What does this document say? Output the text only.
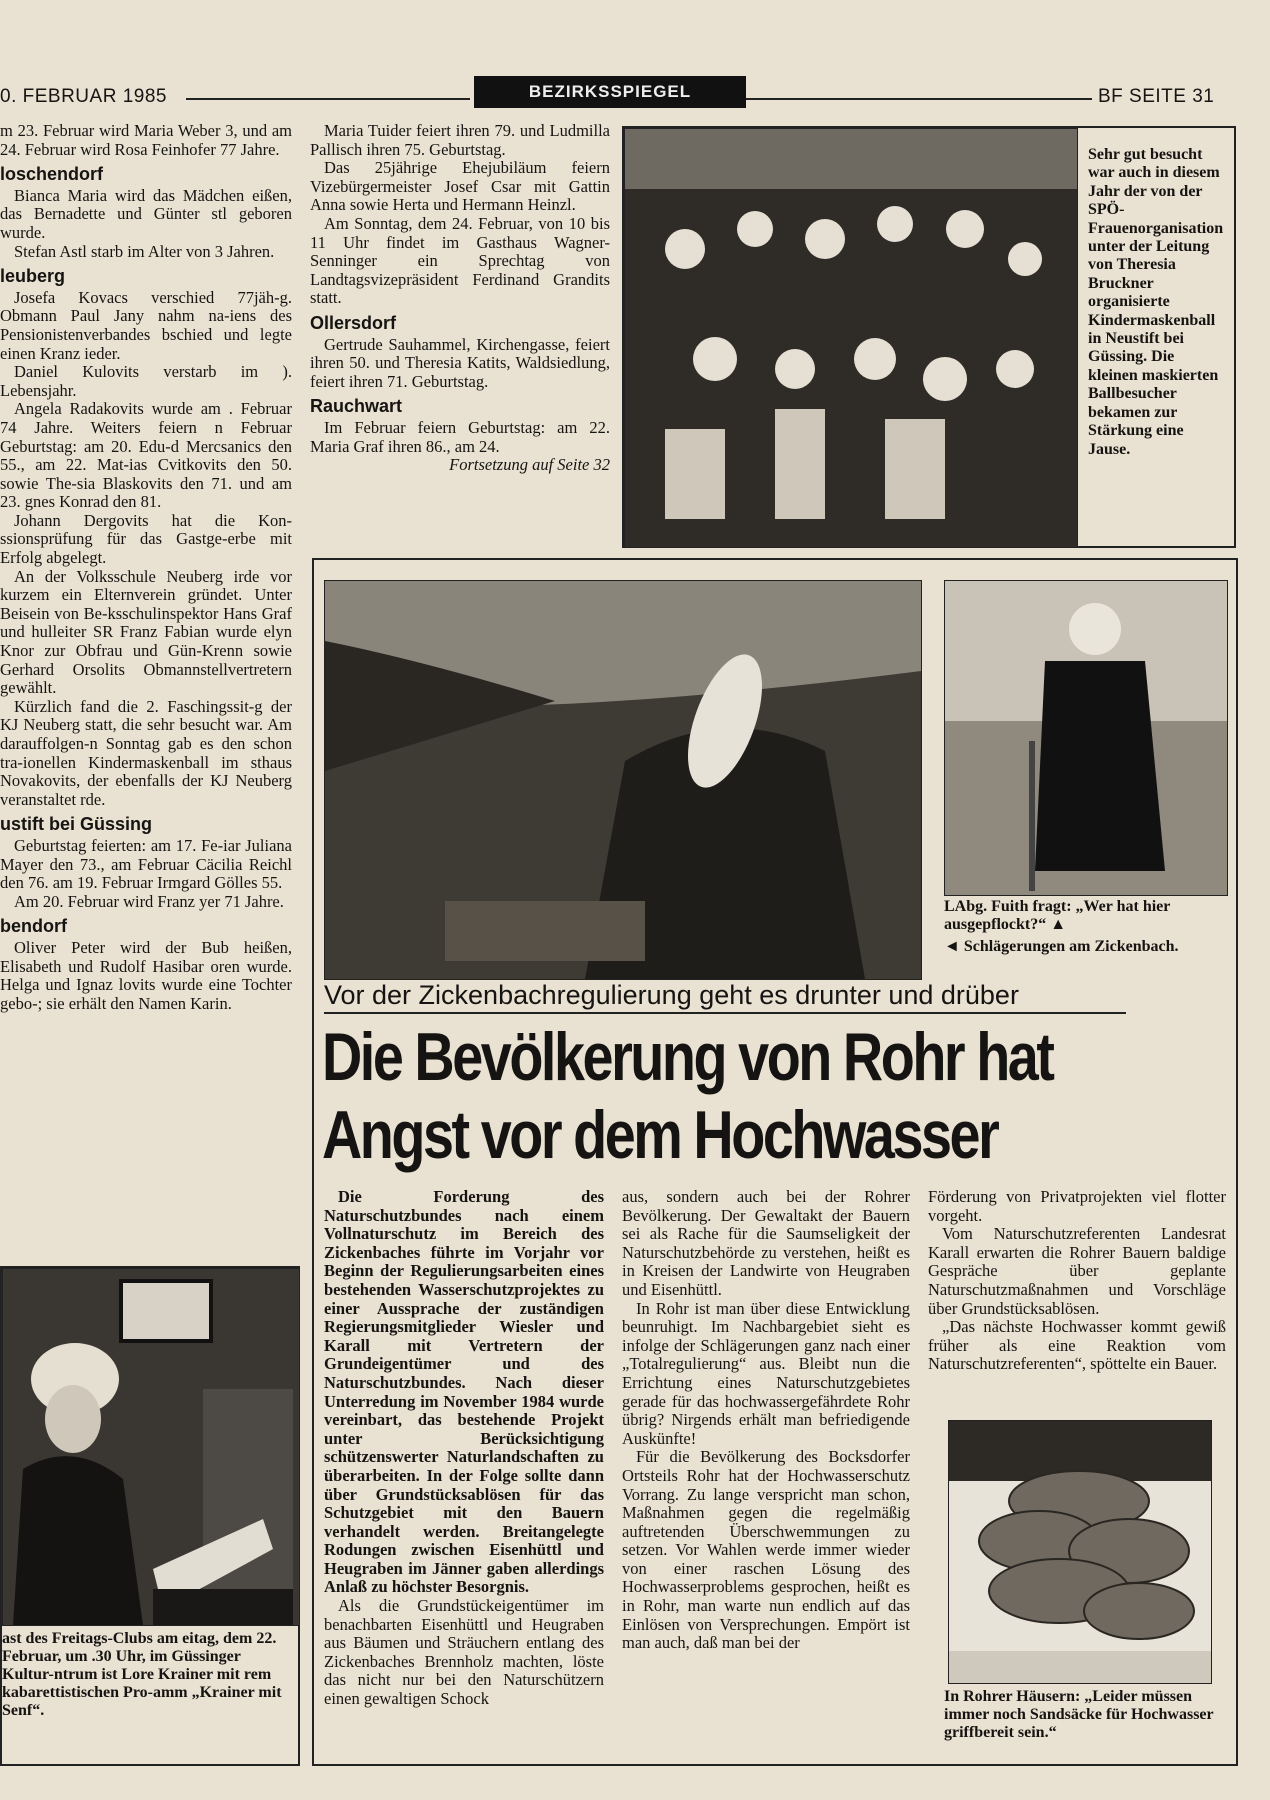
0. FEBRUAR 1985	BEZIRKSSPIEGEL	BF SEITE 31

m 23. Februar wird Maria Weber 3, und am 24. Februar wird Rosa Feinhofer 77 Jahre.

loschendorf

Bianca Maria wird das Mädchen eißen, das Bernadette und Günter stl geboren wurde.

Stefan Astl starb im Alter von 3 Jahren.

leuberg

Josefa Kovacs verschied 77jäh-g. Obmann Paul Jany nahm na-iens des Pensionistenverbandes bschied und legte einen Kranz ieder.

Daniel Kulovits verstarb im ). Lebensjahr.

Angela Radakovits wurde am . Februar 74 Jahre. Weiters feiern n Februar Geburtstag: am 20. Edu-d Mercsanics den 55., am 22. Mat-ias Cvitkovits den 50. sowie The-sia Blaskovits den 71. und am 23. gnes Konrad den 81.

Johann Dergovits hat die Kon-ssionsprüfung für das Gastge-erbe mit Erfolg abgelegt.

An der Volksschule Neuberg irde vor kurzem ein Elternverein gründet. Unter Beisein von Be-ksschulinspektor Hans Graf und hulleiter SR Franz Fabian wurde elyn Knor zur Obfrau und Gün-Krenn sowie Gerhard Orsolits Obmannstellvertretern gewählt.

Kürzlich fand die 2. Faschingssit-g der KJ Neuberg statt, die sehr besucht war. Am darauffolgen-n Sonntag gab es den schon tra-ionellen Kindermaskenball im sthaus Novakovits, der ebenfalls der KJ Neuberg veranstaltet rde.

ustift bei Güssing

Geburtstag feierten: am 17. Fe-iar Juliana Mayer den 73., am Februar Cäcilia Reichl den 76. am 19. Februar Irmgard Gölles 55.

Am 20. Februar wird Franz yer 71 Jahre.

bendorf

Oliver Peter wird der Bub heißen, Elisabeth und Rudolf Hasibar oren wurde. Helga und Ignaz lovits wurde eine Tochter gebo-; sie erhält den Namen Karin.

ast des Freitags-Clubs am eitag, dem 22. Februar, um .30 Uhr, im Güssinger Kultur-ntrum ist Lore Krainer mit rem kabarettistischen Pro-amm „Krainer mit Senf“.

Maria Tuider feiert ihren 79. und Ludmilla Pallisch ihren 75. Geburtstag.

Das 25jährige Ehejubiläum feiern Vizebürgermeister Josef Csar mit Gattin Anna sowie Herta und Hermann Heinzl.

Am Sonntag, dem 24. Februar, von 10 bis 11 Uhr findet im Gasthaus Wagner-Senninger ein Sprechtag von Landtagsvizepräsident Ferdinand Grandits statt.

Ollersdorf

Gertrude Sauhammel, Kirchengasse, feiert ihren 50. und Theresia Katits, Waldsiedlung, feiert ihren 71. Geburtstag.

Rauchwart

Im Februar feiern Geburtstag: am 22. Maria Graf ihren 86., am 24.

Fortsetzung auf Seite 32
Sehr gut besucht war auch in diesem Jahr der von der SPÖ-Frauenorganisation unter der Leitung von Theresia Bruckner organisierte Kindermaskenball in Neustift bei Güssing. Die kleinen maskierten Ballbesucher bekamen zur Stärkung eine Jause.
LAbg. Fuith fragt: „Wer hat hier ausgepflockt?“ ▲
◄ Schlägerungen am Zickenbach.
Vor der Zickenbachregulierung geht es drunter und drüber
Die Bevölkerung von Rohr hat
Angst vor dem Hochwasser

Die Forderung des Naturschutzbundes nach einem Vollnaturschutz im Bereich des Zickenbaches führte im Vorjahr vor Beginn der Regulierungsarbeiten eines bestehenden Wasserschutzprojektes zu einer Aussprache der zuständigen Regierungsmitglieder Wiesler und Karall mit Vertretern der Grundeigentümer und des Naturschutzbundes. Nach dieser Unterredung im November 1984 wurde vereinbart, das bestehende Projekt unter Berücksichtigung schützenswerter Naturlandschaften zu überarbeiten. In der Folge sollte dann über Grundstücksablösen für das Schutzgebiet mit den Bauern verhandelt werden. Breitangelegte Rodungen zwischen Eisenhüttl und Heugraben im Jänner gaben allerdings Anlaß zu höchster Besorgnis.

Als die Grundstückeigentümer im benachbarten Eisenhüttl und Heugraben aus Bäumen und Sträuchern entlang des Zickenbaches Brennholz machten, löste das nicht nur bei den Naturschützern einen gewaltigen Schock

aus, sondern auch bei der Rohrer Bevölkerung. Der Gewaltakt der Bauern sei als Rache für die Saumseligkeit der Naturschutzbehörde zu verstehen, heißt es in Kreisen der Landwirte von Heugraben und Eisenhüttl.

In Rohr ist man über diese Entwicklung beunruhigt. Im Nachbargebiet sieht es infolge der Schlägerungen ganz nach einer „Totalregulierung“ aus. Bleibt nun die Errichtung eines Naturschutzgebietes gerade für das hochwassergefährdete Rohr übrig? Nirgends erhält man befriedigende Auskünfte!

Für die Bevölkerung des Bocksdorfer Ortsteils Rohr hat der Hochwasserschutz Vorrang. Zu lange verspricht man schon, Maßnahmen gegen die regelmäßig auftretenden Überschwemmungen zu setzen. Vor Wahlen werde immer wieder von einer raschen Lösung des Hochwasserproblems gesprochen, heißt es in Rohr, man warte nun endlich auf das Einlösen von Versprechungen. Empört ist man auch, daß man bei der

Förderung von Privatprojekten viel flotter vorgeht.

Vom Naturschutzreferenten Landesrat Karall erwarten die Rohrer Bauern baldige Gespräche über geplante Naturschutzmaßnahmen und Vorschläge über Grundstücksablösen.

„Das nächste Hochwasser kommt gewiß früher als eine Reaktion vom Naturschutzreferenten“, spöttelte ein Bauer.

In Rohrer Häusern: „Leider müssen immer noch Sandsäcke für Hochwasser griffbereit sein.“
